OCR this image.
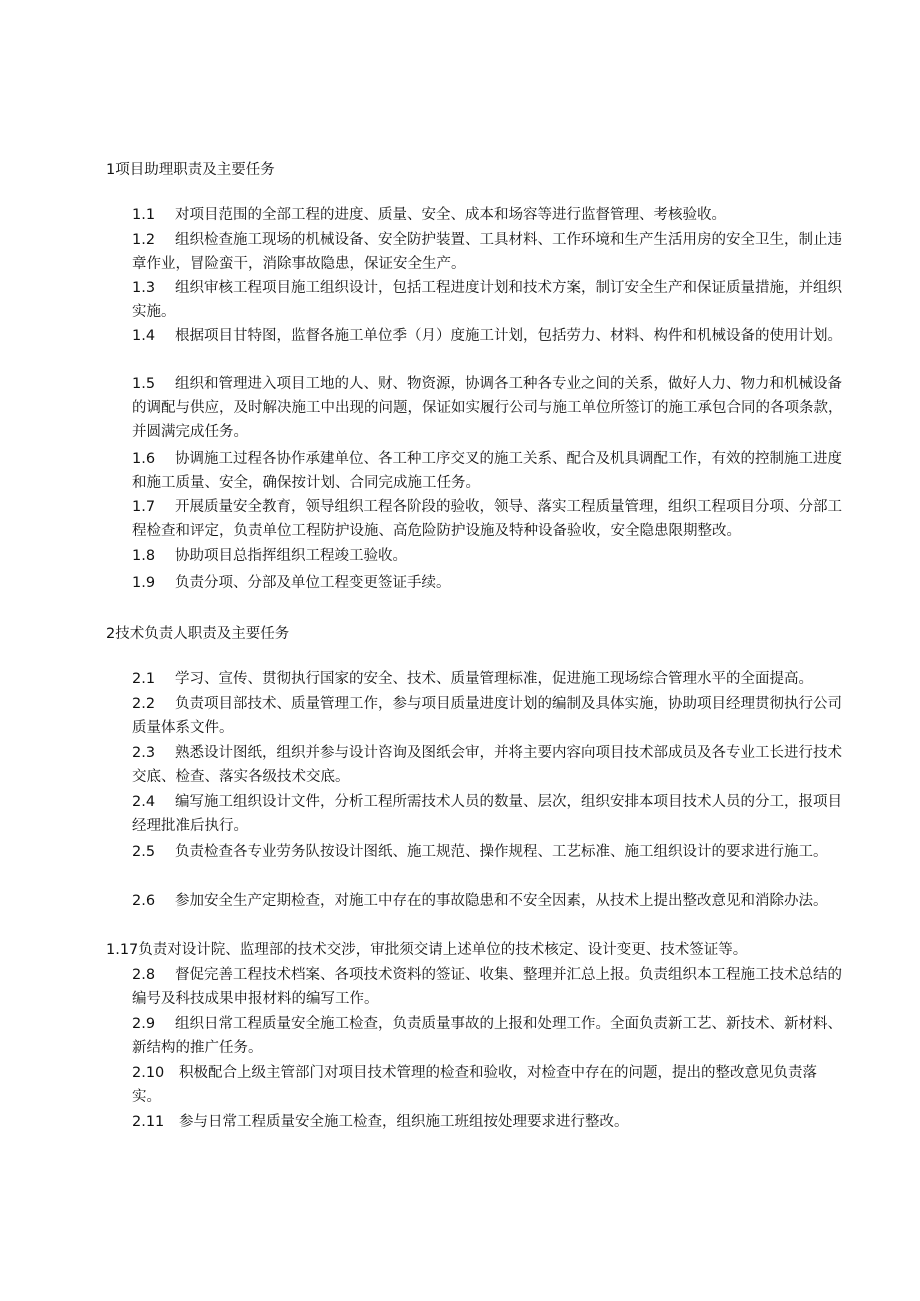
1项目助理职责及主要任务
1.1 对项目范围的全部工程的进度、质量、安全、成本和场容等进行监督管理、考核验收。
1.2 组织检查施工现场的机械设备、安全防护装置、工具材料、工作环境和生产生活用房的安全卫生，制止违章作业，冒险蛮干，消除事故隐患，保证安全生产。
1.3 组织审核工程项目施工组织设计，包括工程进度计划和技术方案，制订安全生产和保证质量措施，并组织实施。
1.4 根据项目甘特图，监督各施工单位季（月）度施工计划，包括劳力、材料、构件和机械设备的使用计划。
1.5 组织和管理进入项目工地的人、财、物资源，协调各工种各专业之间的关系，做好人力、物力和机械设备的调配与供应，及时解决施工中出现的问题，保证如实履行公司与施工单位所签订的施工承包合同的各项条款，并圆满完成任务。
1.6 协调施工过程各协作承建单位、各工种工序交叉的施工关系、配合及机具调配工作，有效的控制施工进度和施工质量、安全，确保按计划、合同完成施工任务。
1.7 开展质量安全教育，领导组织工程各阶段的验收，领导、落实工程质量管理，组织工程项目分项、分部工程检查和评定，负责单位工程防护设施、高危险防护设施及特种设备验收，安全隐患限期整改。
1.8 协助项目总指挥组织工程竣工验收。
1.9 负责分项、分部及单位工程变更签证手续。
2技术负责人职责及主要任务
2.1 学习、宣传、贯彻执行国家的安全、技术、质量管理标准，促进施工现场综合管理水平的全面提高。
2.2 负责项目部技术、质量管理工作，参与项目质量进度计划的编制及具体实施，协助项目经理贯彻执行公司质量体系文件。
2.3 熟悉设计图纸，组织并参与设计咨询及图纸会审，并将主要内容向项目技术部成员及各专业工长进行技术交底、检查、落实各级技术交底。
2.4 编写施工组织设计文件，分析工程所需技术人员的数量、层次，组织安排本项目技术人员的分工，报项目经理批准后执行。
2.5 负责检查各专业劳务队按设计图纸、施工规范、操作规程、工艺标准、施工组织设计的要求进行施工。
2.6 参加安全生产定期检查，对施工中存在的事故隐患和不安全因素，从技术上提出整改意见和消除办法。
1.17负责对设计院、监理部的技术交涉，审批须交请上述单位的技术核定、设计变更、技术签证等。
2.8 督促完善工程技术档案、各项技术资料的签证、收集、整理并汇总上报。负责组织本工程施工技术总结的编号及科技成果申报材料的编写工作。
2.9 组织日常工程质量安全施工检查，负责质量事故的上报和处理工作。全面负责新工艺、新技术、新材料、新结构的推广任务。
2.10 积极配合上级主管部门对项目技术管理的检查和验收，对检查中存在的问题，提出的整改意见负责落实。
2.11 参与日常工程质量安全施工检查，组织施工班组按处理要求进行整改。
